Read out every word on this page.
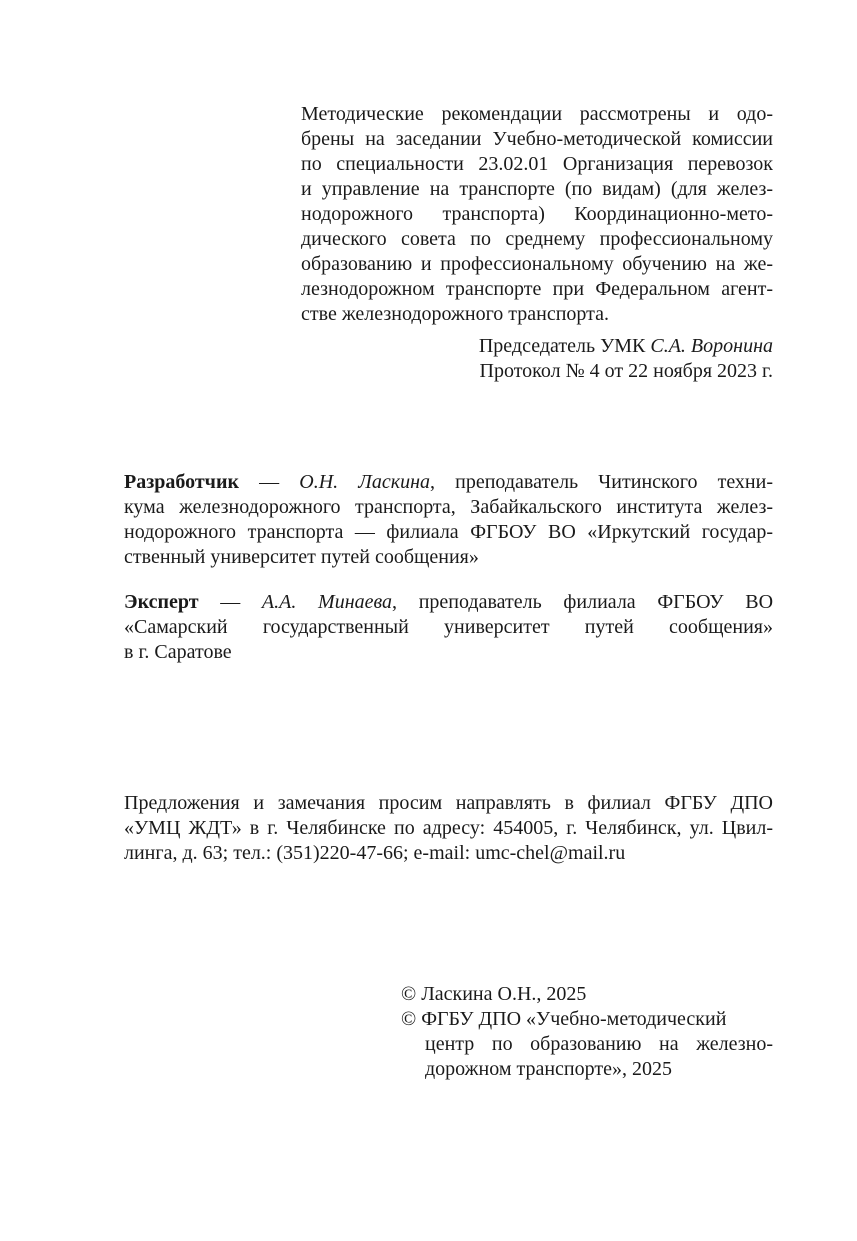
Методические рекомендации рассмотрены и одо-
брены на заседании Учебно-методической комиссии
по специальности 23.02.01 Организация перевозок
и управление на транспорте (по видам) (для желез-
нодорожного транспорта) Координационно-мето-
дического совета по среднему профессиональному
образованию и профессиональному обучению на же-
лезнодорожном транспорте при Федеральном агент-
стве железнодорожного транспорта.
Председатель УМК С.А. Воронина
Протокол № 4 от 22 ноября 2023 г.

Разработчик — О.Н. Ласкина, преподаватель Читинского техни-
кума железнодорожного транспорта, Забайкальского института желез-
нодорожного транспорта — филиала ФГБОУ ВО «Иркутский государ-
ственный университет путей сообщения»

Эксперт — А.А. Минаева, преподаватель филиала ФГБОУ ВО
«Самарский государственный университет путей сообщения»
в г. Саратове

Предложения и замечания просим направлять в филиал ФГБУ ДПО
«УМЦ ЖДТ» в г. Челябинске по адресу: 454005, г. Челябинск, ул. Цвил-
линга, д. 63; тел.: (351)220-47-66; e-mail: umc-chel@mail.ru
© Ласкина О.Н., 2025
© ФГБУ ДПО «Учебно-методический
центр по образованию на железно-
дорожном транспорте», 2025
